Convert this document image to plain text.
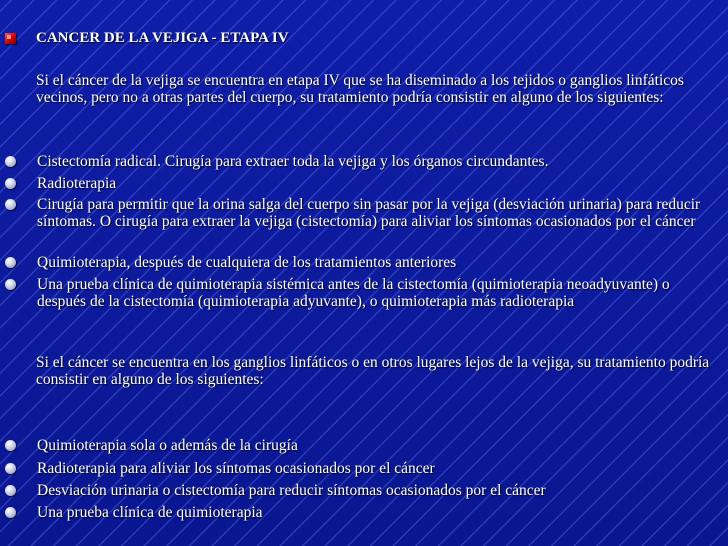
CANCER DE LA VEJIGA - ETAPA IV
Si el cáncer de la vejiga se encuentra en etapa IV que se ha diseminado a los tejidos o ganglios linfáticos vecinos, pero no a otras partes del cuerpo, su tratamiento podría consistir en alguno de los siguientes:
Cistectomía radical. Cirugía para extraer toda la vejiga y los órganos circundantes.
Radioterapia
Cirugía para permitir que la orina salga del cuerpo sin pasar por la vejiga (desviación urinaria) para reducir síntomas. O cirugía para extraer la vejiga (cistectomía) para aliviar los síntomas ocasionados por el cáncer
Quimioterapia, después de cualquiera de los tratamientos anteriores
Una prueba clínica de quimioterapia sistémica antes de la cistectomía (quimioterapia neoadyuvante) o después de la cistectomía (quimioterapia adyuvante), o quimioterapia más radioterapia
Si el cáncer se encuentra en los ganglios linfáticos o en otros lugares lejos de la vejiga, su tratamiento podría consistir en alguno de los siguientes:
Quimioterapia sola o además de la cirugía
Radioterapia para aliviar los síntomas ocasionados por el cáncer
Desviación urinaria o cistectomía para reducir síntomas ocasionados por el cáncer
Una prueba clínica de quimioterapia
